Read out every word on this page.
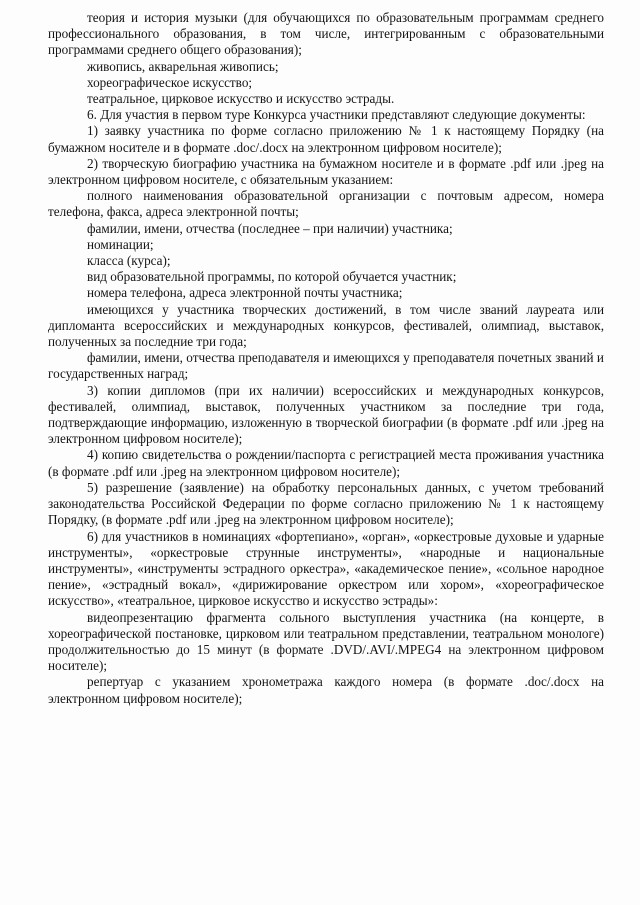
теория и история музыки (для обучающихся по образовательным программам среднего профессионального образования, в том числе, интегрированным с образовательными программами среднего общего образования);

живопись, акварельная живопись;

хореографическое искусство;

театральное, цирковое искусство и искусство эстрады.

6. Для участия в первом туре Конкурса участники представляют следующие документы:

1) заявку участника по форме согласно приложению № 1 к настоящему Порядку (на бумажном носителе и в формате .doc/.docx на электронном цифровом носителе);

2) творческую биографию участника на бумажном носителе и в формате .pdf или .jpeg на электронном цифровом носителе, с обязательным указанием:

полного наименования образовательной организации с почтовым адресом, номера телефона, факса, адреса электронной почты;

фамилии, имени, отчества (последнее – при наличии) участника;

номинации;

класса (курса);

вид образовательной программы, по которой обучается участник;

номера телефона, адреса электронной почты участника;

имеющихся у участника творческих достижений, в том числе званий лауреата или дипломанта всероссийских и международных конкурсов, фестивалей, олимпиад, выставок, полученных за последние три года;

фамилии, имени, отчества преподавателя и имеющихся у преподавателя почетных званий и государственных наград;

3) копии дипломов (при их наличии) всероссийских и международных конкурсов, фестивалей, олимпиад, выставок, полученных участником за последние три года, подтверждающие информацию, изложенную в творческой биографии (в формате .pdf или .jpeg на электронном цифровом носителе);

4) копию свидетельства о рождении/паспорта с регистрацией места проживания участника (в формате .pdf или .jpeg на электронном цифровом носителе);

5) разрешение (заявление) на обработку персональных данных, с учетом требований законодательства Российской Федерации по форме согласно приложению № 1 к настоящему Порядку, (в формате .pdf или .jpeg на электронном цифровом носителе);

6) для участников в номинациях «фортепиано», «орган», «оркестровые духовые и ударные инструменты», «оркестровые струнные инструменты», «народные и национальные инструменты», «инструменты эстрадного оркестра», «академическое пение», «сольное народное пение», «эстрадный вокал», «дирижирование оркестром или хором», «хореографическое искусство», «театральное, цирковое искусство и искусство эстрады»:

видеопрезентацию фрагмента сольного выступления участника (на концерте, в хореографической постановке, цирковом или театральном представлении, театральном монологе) продолжительностью до 15 минут (в формате .DVD/.AVI/.MPEG4 на электронном цифровом носителе);

репертуар с указанием хронометража каждого номера (в формате .doc/.docx на электронном цифровом носителе);
